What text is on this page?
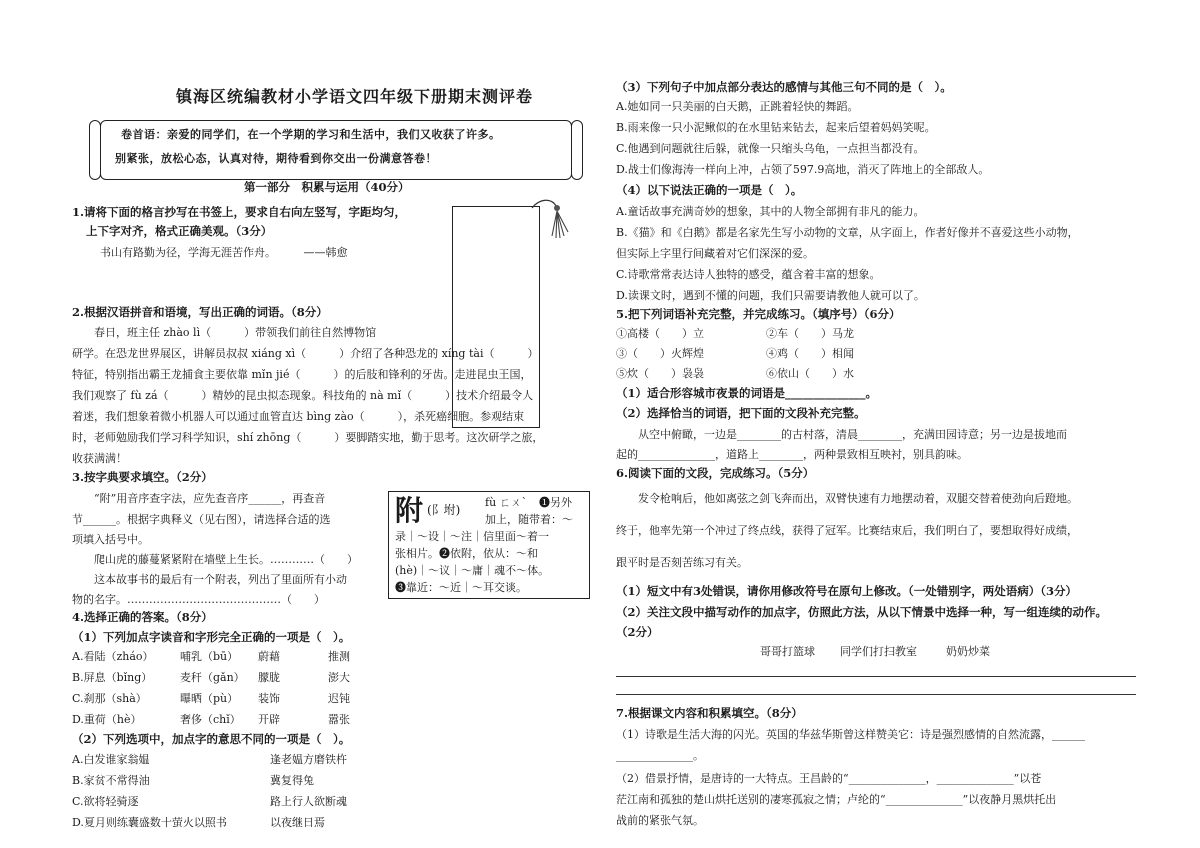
镇海区统编教材小学语文四年级下册期末测评卷
卷首语：亲爱的同学们，在一个学期的学习和生活中，我们又收获了许多。
别紧张，放松心态，认真对待，期待看到你交出一份满意答卷！
第一部分　积累与运用（40分）
1.请将下面的格言抄写在书签上，要求自右向左竖写，字距均匀，
上下字对齐，格式正确美观。（3分）
书山有路勤为径，学海无涯苦作舟。　　　——韩愈
2.根据汉语拼音和语境，写出正确的词语。（8分）
　　春日，班主任 zhào lì（　　　）带领我们前往自然博物馆
研学。在恐龙世界展区，讲解员叔叔 xiáng xì（　　　）介绍了各种恐龙的 xíng tài（　　　）
特征，特别指出霸王龙捕食主要依靠 mǐn jié（　　　）的后肢和锋利的牙齿。走进昆虫王国，
我们观察了 fù zá（　　　）精妙的昆虫拟态现象。科技角的 nà mǐ（　　　）技术介绍最令人
着迷，我们想象着微小机器人可以通过血管直达 bìng zào（　　　），杀死癌细胞。参观结束
时，老师勉励我们学习科学知识，shí zhōng（　　　）要脚踏实地，勤于思考。这次研学之旅，
收获满满！
3.按字典要求填空。（2分）
　　“附”用音序查字法，应先查音序______，再查音
节______。根据字典释义（见右图），请选择合适的选
项填入括号中。
　　爬山虎的藤蔓紧紧附在墙壁上生长。…………（　　）
　　这本故事书的最后有一个附表，列出了里面所有小动
物的名字。……………………………………（　　）
附 (阝坿)
fù ㄈㄨˋ ❶另外
加上，随带着：～
录｜～设｜～注｜信里面～着一
张相片。❷依附，依从：～和
(hè)｜～议｜～庸｜魂不～体。
❸靠近：～近｜～耳交谈。
4.选择正确的答案。（8分）
（1）下列加点字读音和字形完全正确的一项是（　）。
A.看陆（zháo） 哺乳（bū） 蔚藉	推测
B.屏息（bǐng）	麦秆（gǎn） 朦胧	澎大
C.刹那（shà）	曝晒（pù） 装饰	迟钝
D.重荷（hè）	奢侈（chǐ） 开辟	嚣张
（2）下列选项中，加点字的意思不同的一项是（　）。
A.白发谁家翁媪	逢老媪方磨铁杵
B.家贫不常得油	冀复得兔
C.欲将轻骑逐	路上行人欲断魂
D.夏月则练囊盛数十萤火以照书	以夜继日焉
（3）下列句子中加点部分表达的感情与其他三句不同的是（　）。
A.她如同一只美丽的白天鹅，正跳着轻快的舞蹈。
B.雨来像一只小泥鳅似的在水里钻来钻去，起来后望着妈妈笑呢。
C.他遇到问题就往后躲，就像一只缩头乌龟，一点担当都没有。
D.战士们像海涛一样向上冲，占领了597.9高地，消灭了阵地上的全部敌人。
（4）以下说法正确的一项是（　）。
A.童话故事充满奇妙的想象，其中的人物全部拥有非凡的能力。
B.《猫》和《白鹅》都是名家先生写小动物的文章，从字面上，作者好像并不喜爱这些小动物，
但实际上字里行间藏着对它们深深的爱。
C.诗歌常常表达诗人独特的感受，蕴含着丰富的想象。
D.读课文时，遇到不懂的问题，我们只需要请教他人就可以了。
5.把下列词语补充完整，并完成练习。（填序号）（6分）
①高楼（　　）立	②车（　　）马龙
③（　　）火辉煌	④鸡（　　）相闻
⑤炊（　　）袅袅	⑥依山（　　）水
（1）适合形容城市夜景的词语是______________。
（2）选择恰当的词语，把下面的文段补充完整。
　　从空中俯瞰，一边是________的古村落，清晨________，充满田园诗意；另一边是拔地而
起的______________，道路上________，两种景致相互映衬，别具韵味。
6.阅读下面的文段，完成练习。（5分）
　　发令枪响后，他如离弦之剑飞奔而出，双臂快速有力地摆动着，双腿交替着使劲向后蹬地。
终于，他率先第一个冲过了终点线，获得了冠军。比赛结束后，我们明白了，要想取得好成绩，
跟平时是否刻苦练习有关。
（1）短文中有3处错误，请你用修改符号在原句上修改。（一处错别字，两处语病）（3分）
（2）关注文段中描写动作的加点字，仿照此方法，从以下情景中选择一种，写一组连续的动作。
（2分）
哥哥打篮球 同学们打扫教室	奶奶炒菜
7.根据课文内容和积累填空。（8分）
（1）诗歌是生活大海的闪光。英国的华兹华斯曾这样赞美它：诗是强烈感情的自然流露，______
______________。
（2）借景抒情，是唐诗的一大特点。王昌龄的“______________，______________”以苍
茫江南和孤独的楚山烘托送别的凄寒孤寂之情；卢纶的“______________”以夜静月黑烘托出
战前的紧张气氛。
